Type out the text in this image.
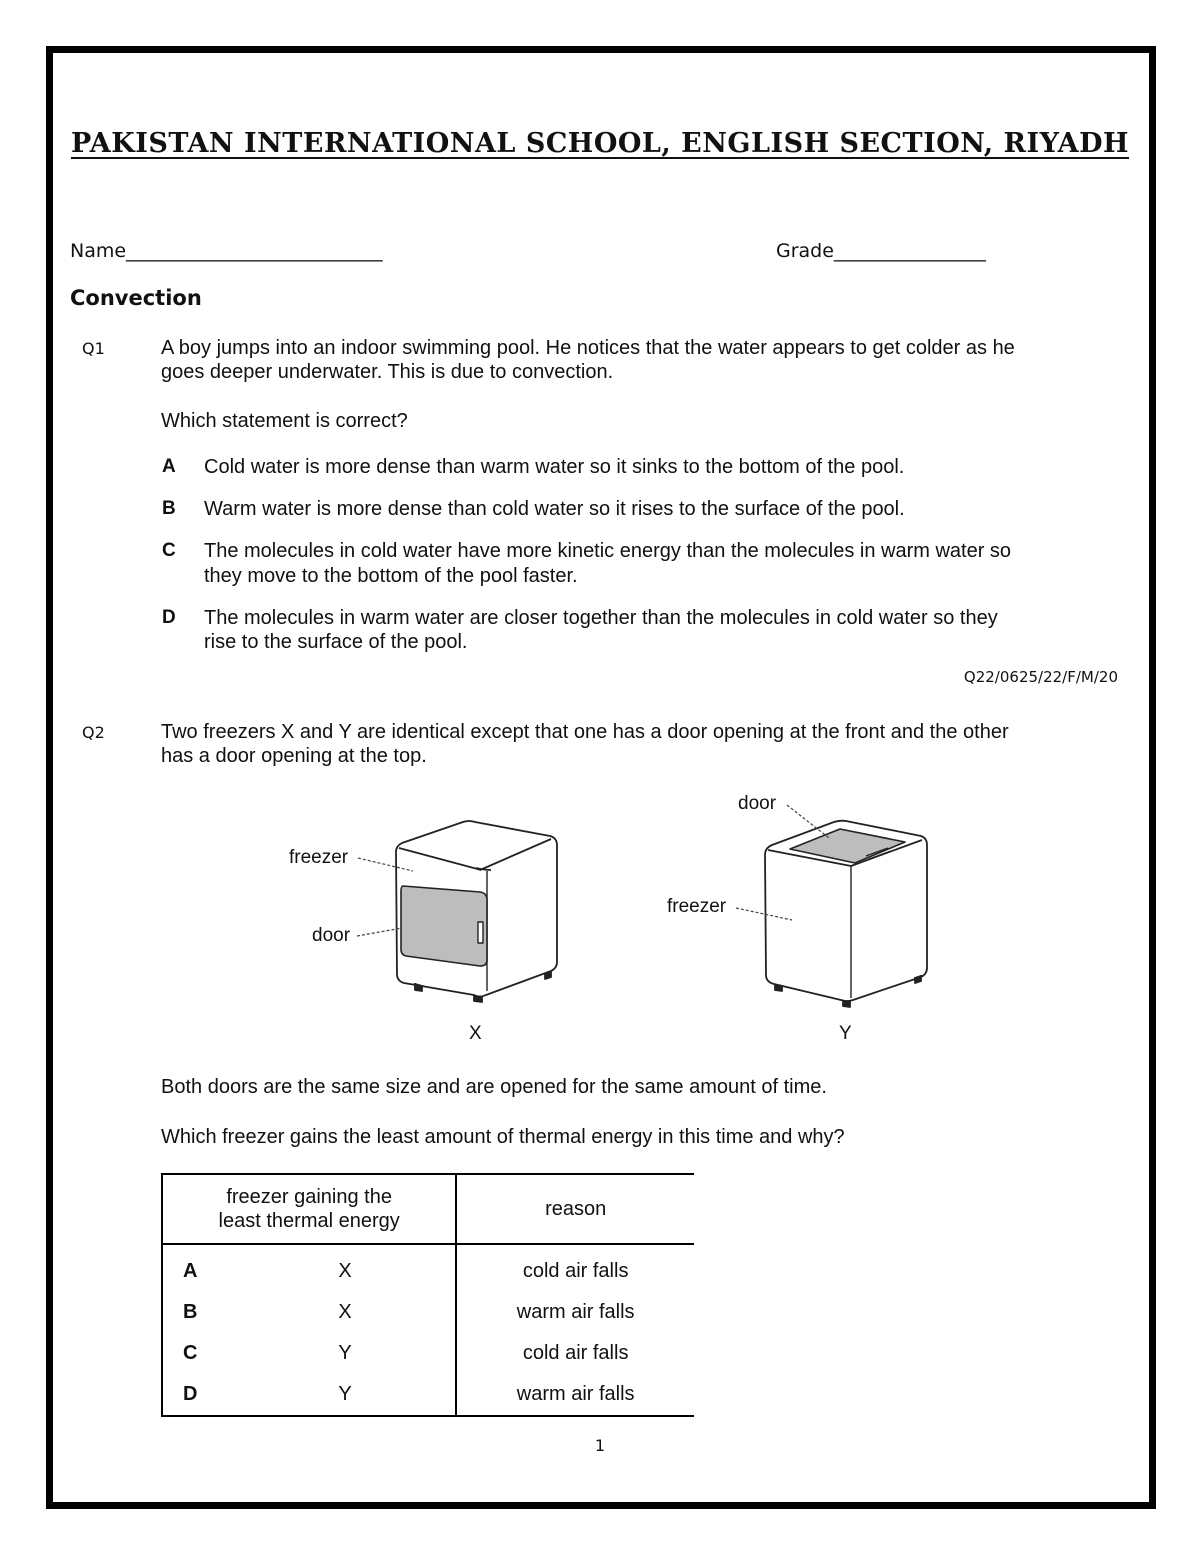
PAKISTAN INTERNATIONAL SCHOOL, ENGLISH SECTION, RIYADH
Name___________________________	Grade________________
Convection
Q1	A boy jumps into an indoor swimming pool. He notices that the water appears to get colder as he
goes deeper underwater. This is due to convection.
Which statement is correct?
A Cold water is more dense than warm water so it sinks to the bottom of the pool.
B Warm water is more dense than cold water so it rises to the surface of the pool.
C The molecules in cold water have more kinetic energy than the molecules in warm water so
they move to the bottom of the pool faster.
D The molecules in warm water are closer together than the molecules in cold water so they
rise to the surface of the pool.
Q22/0625/22/F/M/20
Q2	Two freezers X and Y are identical except that one has a door opening at the front and the other
has a door opening at the top.
freezer
door
X
door
freezer
Y
Both doors are the same size and are opened for the same amount of time.
Which freezer gains the least amount of thermal energy in this time and why?
freezer gaining the
least thermal energy		reason
A	X	cold air falls
B	X	warm air falls
C	Y	cold air falls
D	Y	warm air falls
1
